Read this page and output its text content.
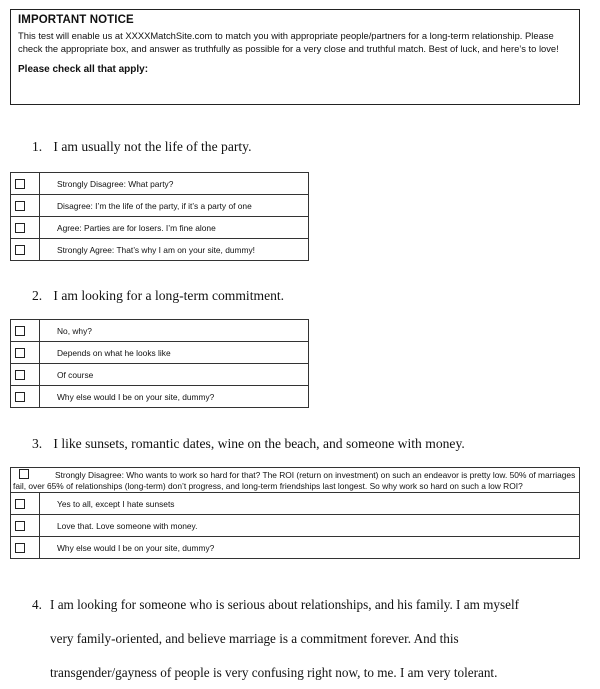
IMPORTANT NOTICE

This test will enable us at XXXXMatchSite.com to match you with appropriate people/partners for a long-term relationship. Please check the appropriate box, and answer as truthfully as possible for a very close and truthful match. Best of luck, and here’s to love!

Please check all that apply:
1. I am usually not the life of the party.
	Strongly Disagree: What party?
	Disagree: I’m the life of the party, if it’s a party of one
	Agree: Parties are for losers. I’m fine alone
	Strongly Agree: That’s why I am on your site, dummy!
2. I am looking for a long-term commitment.
	No, why?
	Depends on what he looks like
	Of course
	Why else would I be on your site, dummy?
3. I like sunsets, romantic dates, wine on the beach, and someone with money.
Strongly Disagree: Who wants to work so hard for that? The ROI (return on investment) on such an endeavor is pretty low. 50% of marriages fail, over 65% of relationships (long-term) don’t progress, and long-term friendships last longest. So why work so hard on such a low ROI?	
	Yes to all, except I hate sunsets
	Love that. Love someone with money.
	Why else would I be on your site, dummy?
4. I am looking for someone who is serious about relationships, and his family. I am myself
very family-oriented, and believe marriage is a commitment forever. And this
transgender/gayness of people is very confusing right now, to me. I am very tolerant.
